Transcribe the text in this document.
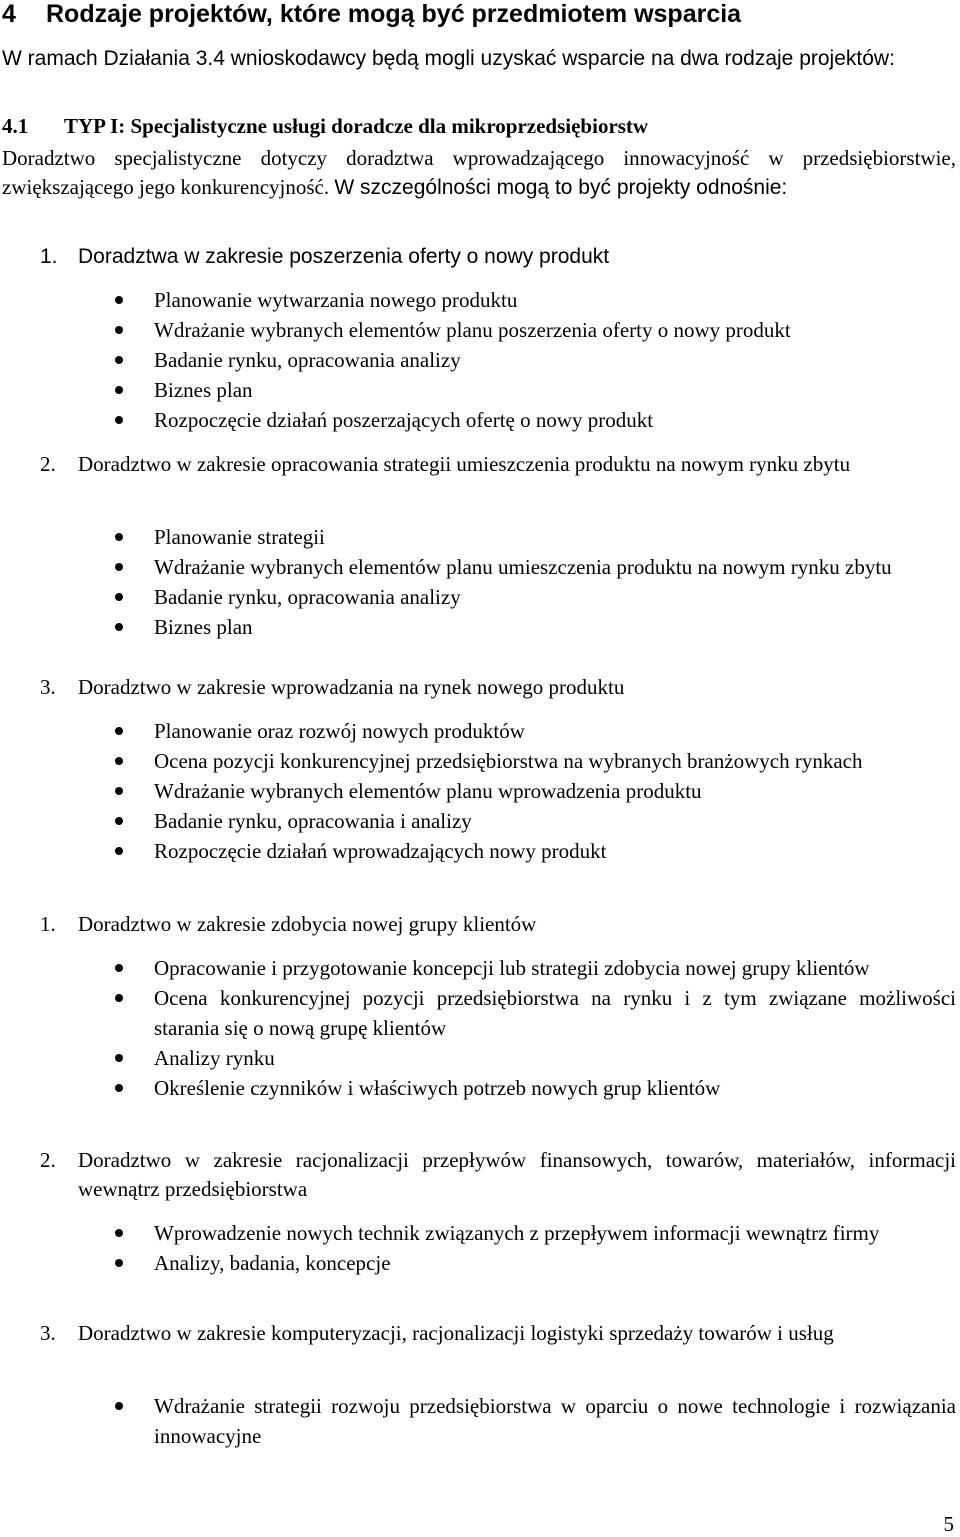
4 Rodzaje projektów, które mogą być przedmiotem wsparcia
W ramach Działania 3.4 wnioskodawcy będą mogli uzyskać wsparcie na dwa rodzaje projektów:
4.1 TYP I: Specjalistyczne usługi doradcze dla mikroprzedsiębiorstw
Doradztwo specjalistyczne dotyczy doradztwa wprowadzającego innowacyjność w przedsiębiorstwie, zwiększającego jego konkurencyjność. W szczególności mogą to być projekty odnośnie:
1. Doradztwa w zakresie poszerzenia oferty o nowy produkt
Planowanie wytwarzania nowego produktu
Wdrażanie wybranych elementów planu poszerzenia oferty o nowy produkt
Badanie rynku, opracowania analizy
Biznes plan
Rozpoczęcie działań poszerzających ofertę o nowy produkt
2. Doradztwo w zakresie opracowania strategii umieszczenia produktu na nowym rynku zbytu
Planowanie strategii
Wdrażanie wybranych elementów planu umieszczenia produktu na nowym rynku zbytu
Badanie rynku, opracowania analizy
Biznes plan
3. Doradztwo w zakresie wprowadzania na rynek nowego produktu
Planowanie oraz rozwój nowych produktów
Ocena pozycji konkurencyjnej przedsiębiorstwa na wybranych branżowych rynkach
Wdrażanie wybranych elementów planu wprowadzenia produktu
Badanie rynku, opracowania i analizy
Rozpoczęcie działań wprowadzających nowy produkt
1. Doradztwo w zakresie zdobycia nowej grupy klientów
Opracowanie i przygotowanie koncepcji lub strategii zdobycia nowej grupy klientów
Ocena konkurencyjnej pozycji przedsiębiorstwa na rynku i z tym związane możliwości starania się o nową grupę klientów
Analizy rynku
Określenie czynników i właściwych potrzeb nowych grup klientów
2. Doradztwo w zakresie racjonalizacji przepływów finansowych, towarów, materiałów, informacji wewnątrz przedsiębiorstwa
Wprowadzenie nowych technik związanych z przepływem informacji wewnątrz firmy
Analizy, badania, koncepcje
3. Doradztwo w zakresie komputeryzacji, racjonalizacji logistyki sprzedaży towarów i usług
Wdrażanie strategii rozwoju przedsiębiorstwa w oparciu o nowe technologie i rozwiązania innowacyjne
5
